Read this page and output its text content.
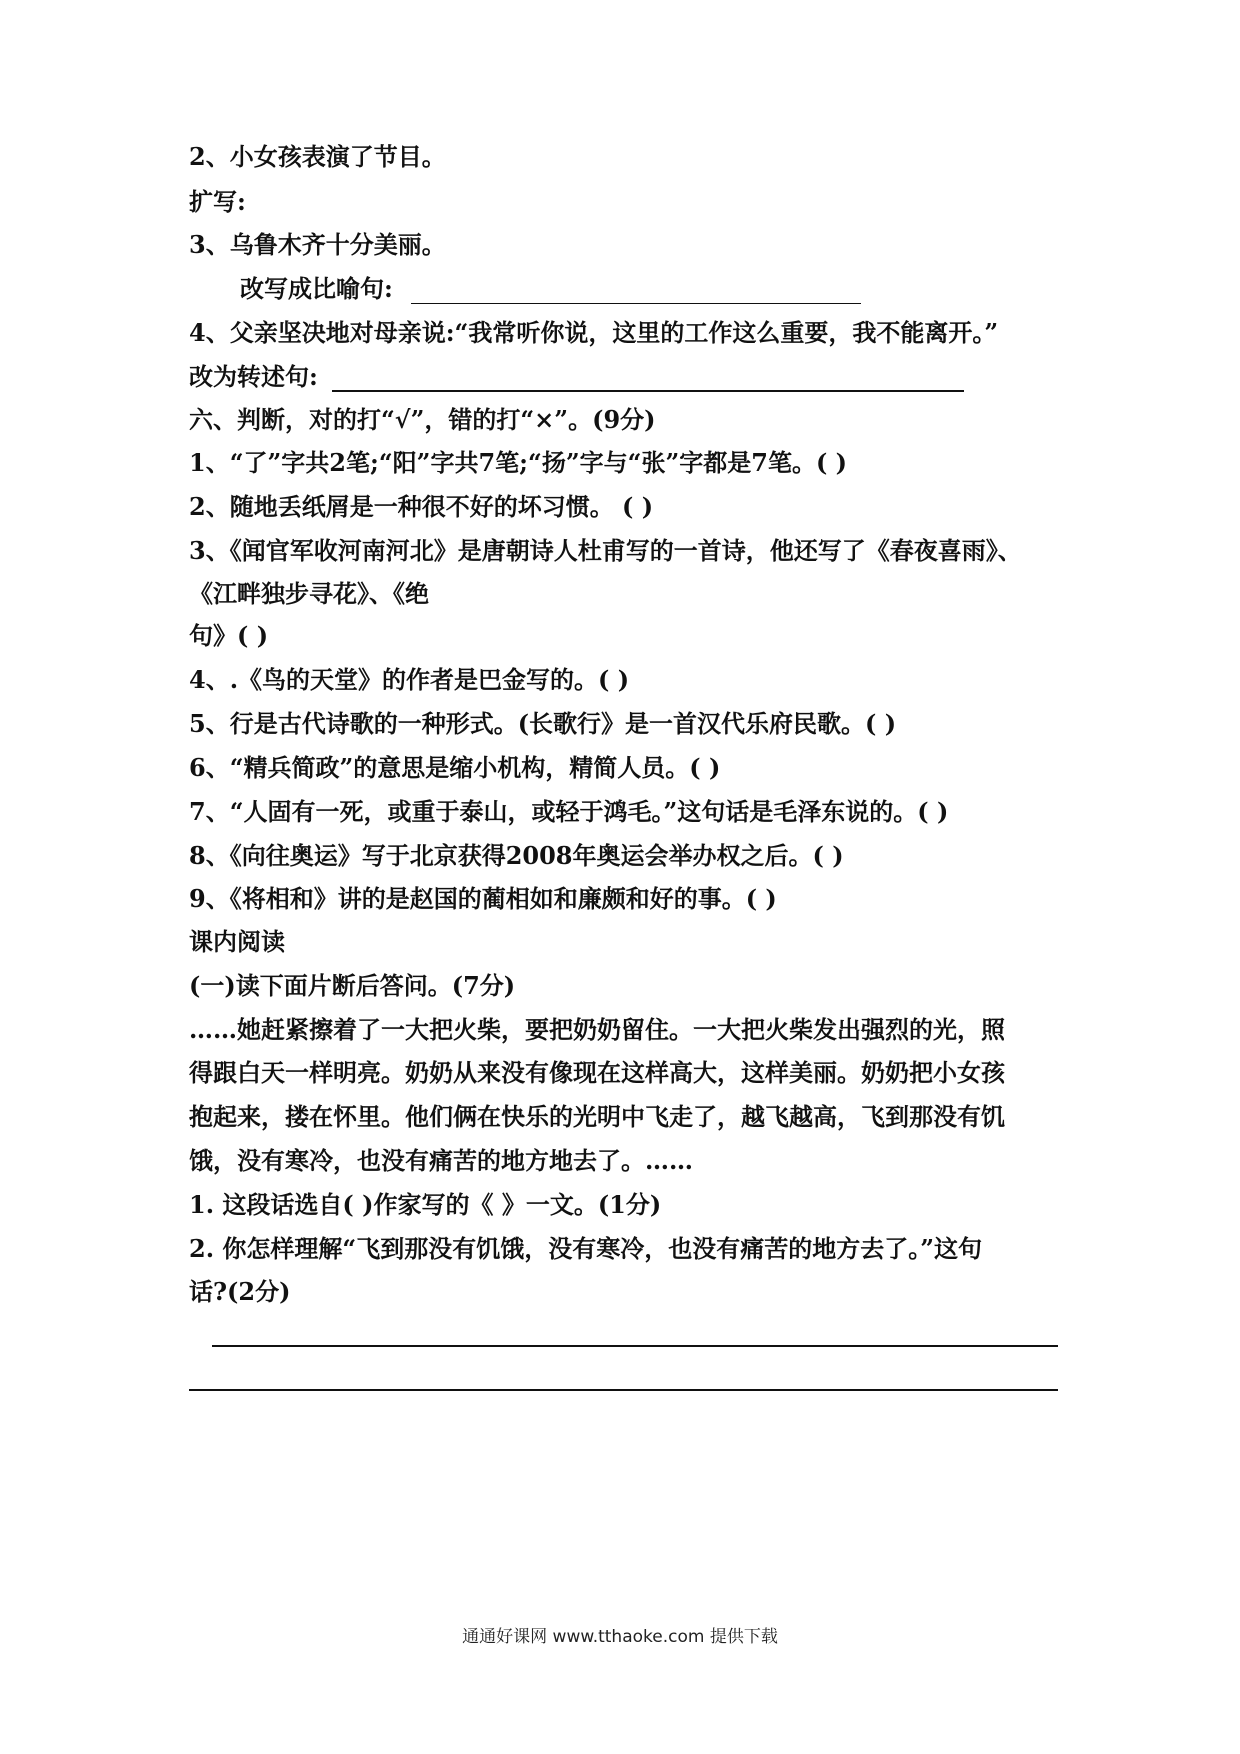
2、小女孩表演了节目。
扩写:
3、乌鲁木齐十分美丽。
改写成比喻句:
4、父亲坚决地对母亲说:“我常听你说，这里的工作这么重要，我不能离开。”
改为转述句:
六、判断，对的打“√”，错的打“×”。(9分)
1、“了”字共2笔;“阳”字共7笔;“扬”字与“张”字都是7笔。( )
2、随地丢纸屑是一种很不好的坏习惯。 ( )
3、《闻官军收河南河北》是唐朝诗人杜甫写的一首诗，他还写了《春夜喜雨》、
《江畔独步寻花》、《绝
句》( )
4、.《鸟的天堂》的作者是巴金写的。( )
5、行是古代诗歌的一种形式。(长歌行》是一首汉代乐府民歌。( )
6、“精兵简政”的意思是缩小机构，精简人员。( )
7、“人固有一死，或重于泰山，或轻于鸿毛。”这句话是毛泽东说的。( )
8、《向往奥运》写于北京获得2008年奥运会举办权之后。( )
9、《将相和》讲的是赵国的蔺相如和廉颇和好的事。( )
课内阅读
(一)读下面片断后答问。(7分)
……她赶紧擦着了一大把火柴，要把奶奶留住。一大把火柴发出强烈的光，照
得跟白天一样明亮。奶奶从来没有像现在这样高大，这样美丽。奶奶把小女孩
抱起来，搂在怀里。他们俩在快乐的光明中飞走了，越飞越高，飞到那没有饥
饿，没有寒冷，也没有痛苦的地方地去了。……
1. 这段话选自( )作家写的《 》一文。(1分)
2. 你怎样理解“飞到那没有饥饿，没有寒冷，也没有痛苦的地方去了。”这句
话?(2分)
通通好课网 www.tthaoke.com 提供下载
